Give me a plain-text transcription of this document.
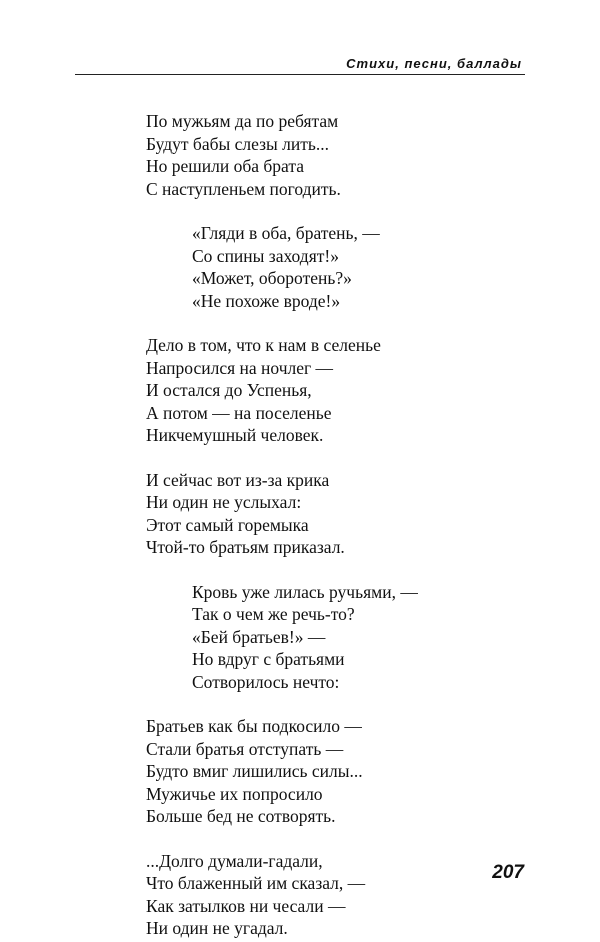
Стихи, песни, баллады
По мужьям да по ребятам
Будут бабы слезы лить...
Но решили оба брата
С наступленьем погодить.
«Гляди в оба, братень, —
Со спины заходят!»
«Может, оборотень?»
«Не похоже вроде!»
Дело в том, что к нам в селенье
Напросился на ночлег —
И остался до Успенья,
А потом — на поселенье
Никчемушный человек.
И сейчас вот из-за крика
Ни один не услыхал:
Этот самый горемыка
Чтой-то братьям приказал.
Кровь уже лилась ручьями, —
Так о чем же речь-то?
«Бей братьев!» —
Но вдруг с братьями
Сотворилось нечто:
Братьев как бы подкосило —
Стали братья отступать —
Будто вмиг лишились силы...
Мужичье их попросило
Больше бед не сотворять.
...Долго думали-гадали,
Что блаженный им сказал, —
Как затылков ни чесали —
Ни один не угадал.
207
